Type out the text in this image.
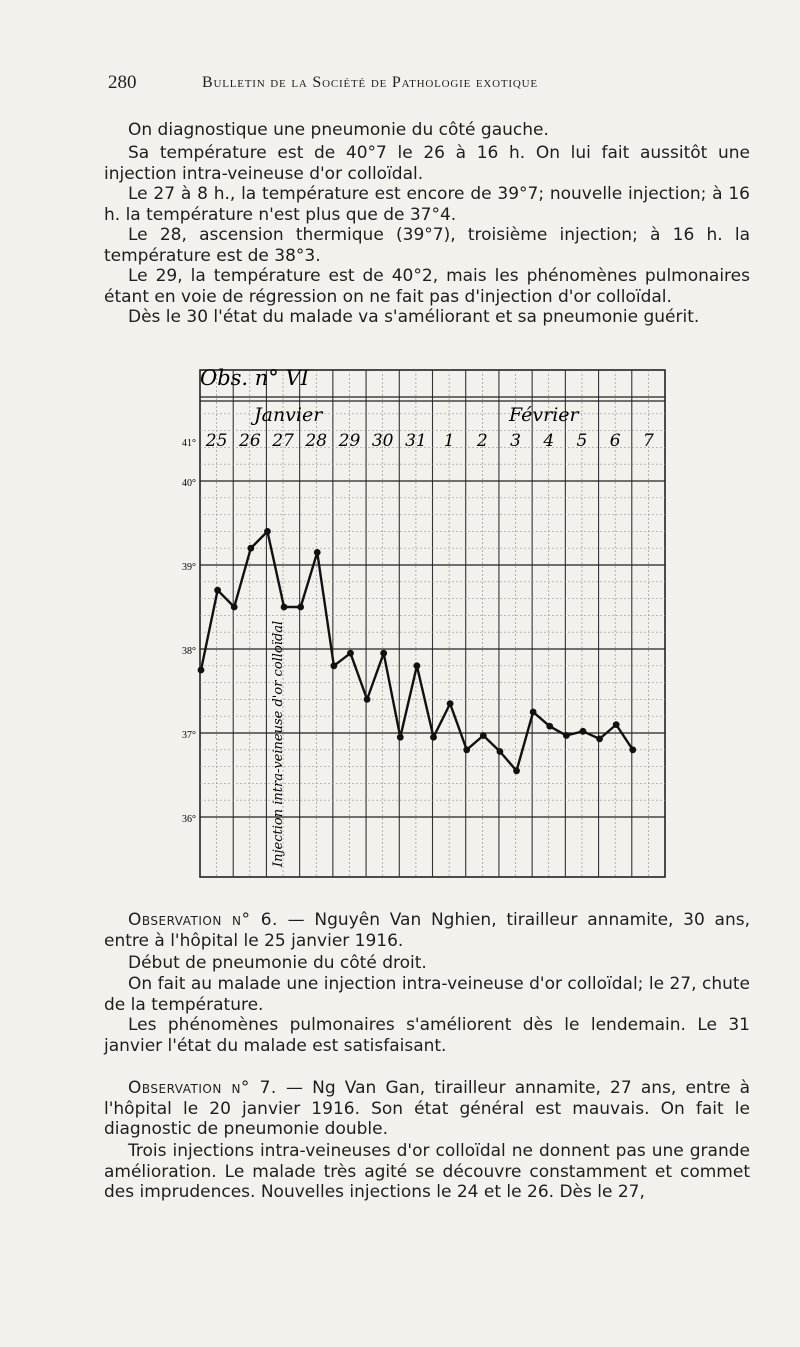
280	Bulletin de la Société de Pathologie exotique
On diagnostique une pneumonie du côté gauche.
Sa température est de 40°7 le 26 à 16 h. On lui fait aussitôt une injection intra-veineuse d'or colloïdal.
Le 27 à 8 h., la température est encore de 39°7; nouvelle injection; à 16 h. la température n'est plus que de 37°4.
Le 28, ascension thermique (39°7), troisième injection; à 16 h. la température est de 38°3.
Le 29, la température est de 40°2, mais les phénomènes pulmonaires étant en voie de régression on ne fait pas d'injection d'or colloïdal.
Dès le 30 l'état du malade va s'améliorant et sa pneumonie guérit.
Obs. n° VI
Janvier	Février
25 26 27 28 29 30 31 1 2 3 4 5 6 7
41°
40°
39°
38°
37°
36°	Injection intra-veineuse d'or colloïdal
Observation n° 6. — Nguyên Van Nghien, tirailleur annamite, 30 ans, entre à l'hôpital le 25 janvier 1916.
Début de pneumonie du côté droit.
On fait au malade une injection intra-veineuse d'or colloïdal; le 27, chute de la température.
Les phénomènes pulmonaires s'améliorent dès le lendemain. Le 31 janvier l'état du malade est satisfaisant.
Observation n° 7. — Ng Van Gan, tirailleur annamite, 27 ans, entre à l'hôpital le 20 janvier 1916. Son état général est mauvais. On fait le diagnostic de pneumonie double.
Trois injections intra-veineuses d'or colloïdal ne donnent pas une grande amélioration. Le malade très agité se découvre constamment et commet des imprudences. Nouvelles injections le 24 et le 26. Dès le 27,
